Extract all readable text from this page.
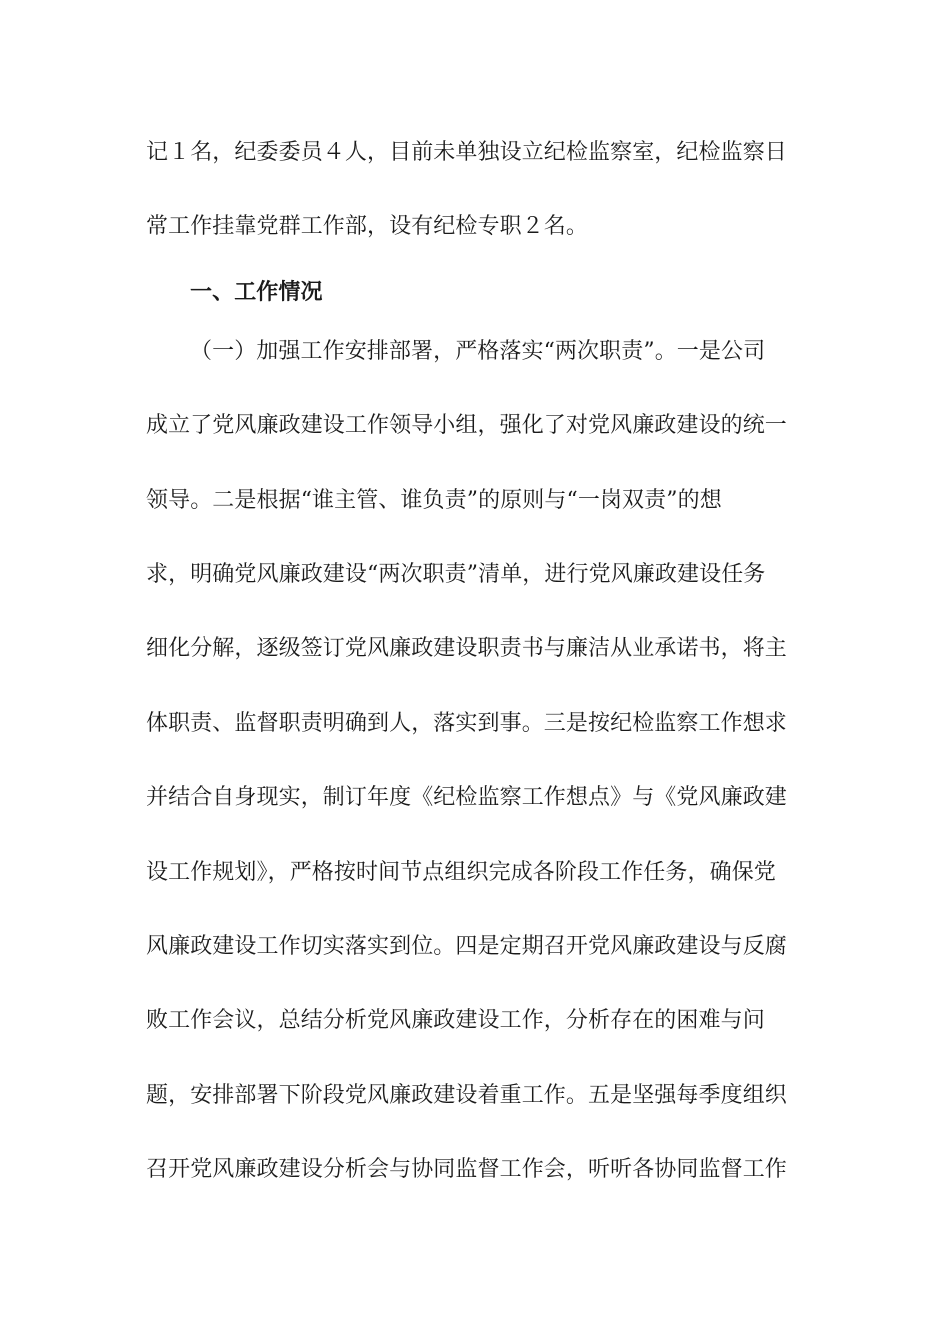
记１名，纪委委员４人，目前未单独设立纪检监察室，纪检监察日
常工作挂靠党群工作部，设有纪检专职２名。
一、工作情况
（一）加强工作安排部署，严格落实“两次职责”。一是公司
成立了党风廉政建设工作领导小组，强化了对党风廉政建设的统一
领导。二是根据“谁主管、谁负责”的原则与“一岗双责”的想
求，明确党风廉政建设“两次职责”清单，进行党风廉政建设任务
细化分解，逐级签订党风廉政建设职责书与廉洁从业承诺书，将主
体职责、监督职责明确到人，落实到事。三是按纪检监察工作想求
并结合自身现实，制订年度《纪检监察工作想点》与《党风廉政建
设工作规划》，严格按时间节点组织完成各阶段工作任务，确保党
风廉政建设工作切实落实到位。四是定期召开党风廉政建设与反腐
败工作会议，总结分析党风廉政建设工作，分析存在的困难与问
题，安排部署下阶段党风廉政建设着重工作。五是坚强每季度组织
召开党风廉政建设分析会与协同监督工作会，听听各协同监督工作
